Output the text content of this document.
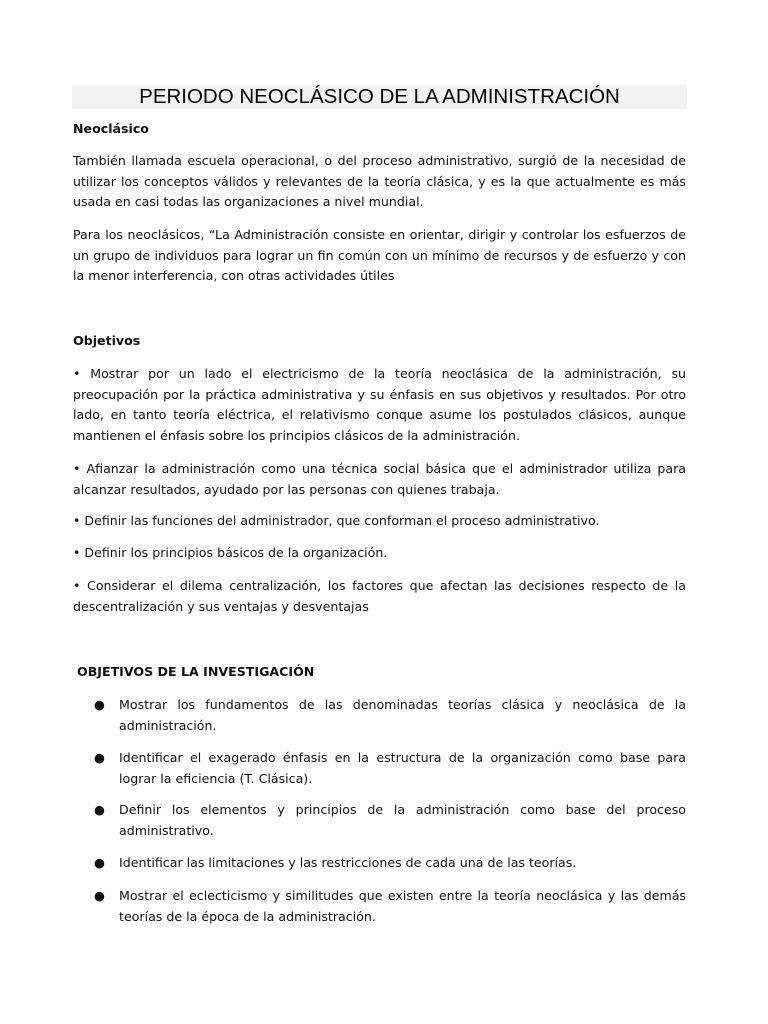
PERIODO NEOCLÁSICO DE LA ADMINISTRACIÓN

Neoclásico

También llamada escuela operacional, o del proceso administrativo, surgió de la necesidad de utilizar los conceptos válidos y relevantes de la teoría clásica, y es la que actualmente es más usada en casi todas las organizaciones a nivel mundial.

Para los neoclásicos, “La Administración consiste en orientar, dirigir y controlar los esfuerzos de un grupo de individuos para lograr un fin común con un mínimo de recursos y de esfuerzo y con la menor interferencia, con otras actividades útiles

Objetivos

• Mostrar por un lado el electricismo de la teoría neoclásica de la administración, su preocupación por la práctica administrativa y su énfasis en sus objetivos y resultados. Por otro lado, en tanto teoría eléctrica, el relativismo conque asume los postulados clásicos, aunque mantienen el énfasis sobre los principios clásicos de la administración.

• Afianzar la administración como una técnica social básica que el administrador utiliza para alcanzar resultados, ayudado por las personas con quienes trabaja.

• Definir las funciones del administrador, que conforman el proceso administrativo.

• Definir los principios básicos de la organización.

• Considerar el dilema centralización, los factores que afectan las decisiones respecto de la descentralización y sus ventajas y desventajas

OBJETIVOS DE LA INVESTIGACIÓN

● Mostrar los fundamentos de las denominadas teorías clásica y neoclásica de la administración.

● Identificar el exagerado énfasis en la estructura de la organización como base para lograr la eficiencia (T. Clásica).

● Definir los elementos y principios de la administración como base del proceso administrativo.

● Identificar las limitaciones y las restricciones de cada una de las teorías.

● Mostrar el eclecticismo y similitudes que existen entre la teoría neoclásica y las demás teorías de la época de la administración.
